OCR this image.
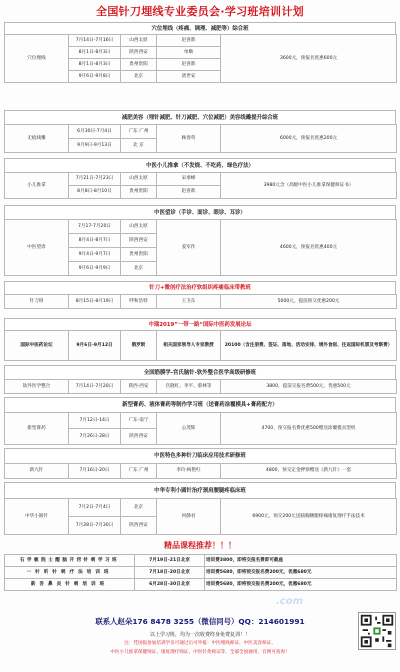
全国针刀埋线专业委员会·学习班培训计划
穴位埋线（疼痛、调理、减肥等）综合班
穴位埋线	7月14日-7月16日	山西太原	赵喜新	3600元，预报名优惠600元
	8月1日-8月3日	陕西西安	单顺	
	8月1日-8月3日	贵州贵阳	赵喜新	
	9月6日-9月8日	北京	唐世安	
减肥美容（埋针减肥、针刀减肥、穴位减肥）美容线雕提升综合班
无痕线雕	6月30日-7月4日	广东 广州	顾春英	6000元，预报名优惠200元
	9月9日-9月13日	北 京		
中医小儿推拿（不发烧、不吃药、绿色疗法）
小儿推拿	7月21日-7月23日	山西太原	宋承峰	3980元含（高级中医小儿推拿保健师证书）
	8月8日-8月10日	贵州贵阳	赵喜新	
中医望诊（手诊、面诊、眼诊、耳诊）
中医望诊	7月17-7月20日	山西太原	姜军作	4600元，预报名优惠400元
	8月4日-8月7日	陕西西安		
	9月4日-9月7日	贵州贵阳		
	9月6日-9月9日	北京		
针刀+微创疗法治疗软组织疼痛临床带教班
针刀班	8月15日-8月19日	呼和浩特	王卫东	5000元，提前预交优惠200元
中瑞2019”一带一路“国际中医药发展论坛
国际中医药论坛	9月6日-9月12日	俄罗斯	相关国家领导人专家教授	20100（含注册费、签证、落地、活动安排、境外食宿、往返国际机票及考察费）
全国筋膜学-宫氏脑针-软外整合医学高级研修班
软外医学整合	7月14日-7月20日	陕西·西安	宫晓红、李平、蔡林等	3800，提前交报名费500元，优惠500元
新型膏药、液体膏药等制作学习班（送膏药涂覆模具+膏药配方）
新型膏药	7月12日-14日	广东·南宁	公茂辉	4700，预交报名费优惠500赠送涂覆模具型机
	7月26日-28日	陕西西安		
中医特色多种针刀临床应用技术研修班
新九针	7月16日-20日	广东 广州	李玲·杨艳红	4800，预交定金押预赠送《新九针》一套
中华专利小圆针治疗颈肩腰腿疼临床班
中华小圆针	7月2日-7月4日	北京	何静君	6900元，预交200元送脑胸腰腿疼痛康复理疗手法技术
	7月28日-7月30日	陕西西安		
精品课程推荐！！！
石学敏院士醒脑开窍针刺学习班	7月19日-21日北京	培训费3800，即将交报名费即可截座
一针昕针刺疗法培训班	7月18日-20日北京	培训费5680，即将预交报名费200元，优惠680元
新吾鼻炎针刺培训班	6月28日-30日北京	培训费5680，即将预交报名费200元，优惠680元
.com
联系人赵朵176 8478 3255（微信同号）QQ：214601991
以上学习班，均为一次收费终身免费复训！！
注：凭国报参加培训学员可通过后可申报：中医埋线师证、中医美容师证、
中医小儿推拿保健师证、康复理疗师证、中医针灸师证等，全部全国通用，官网可查询！
